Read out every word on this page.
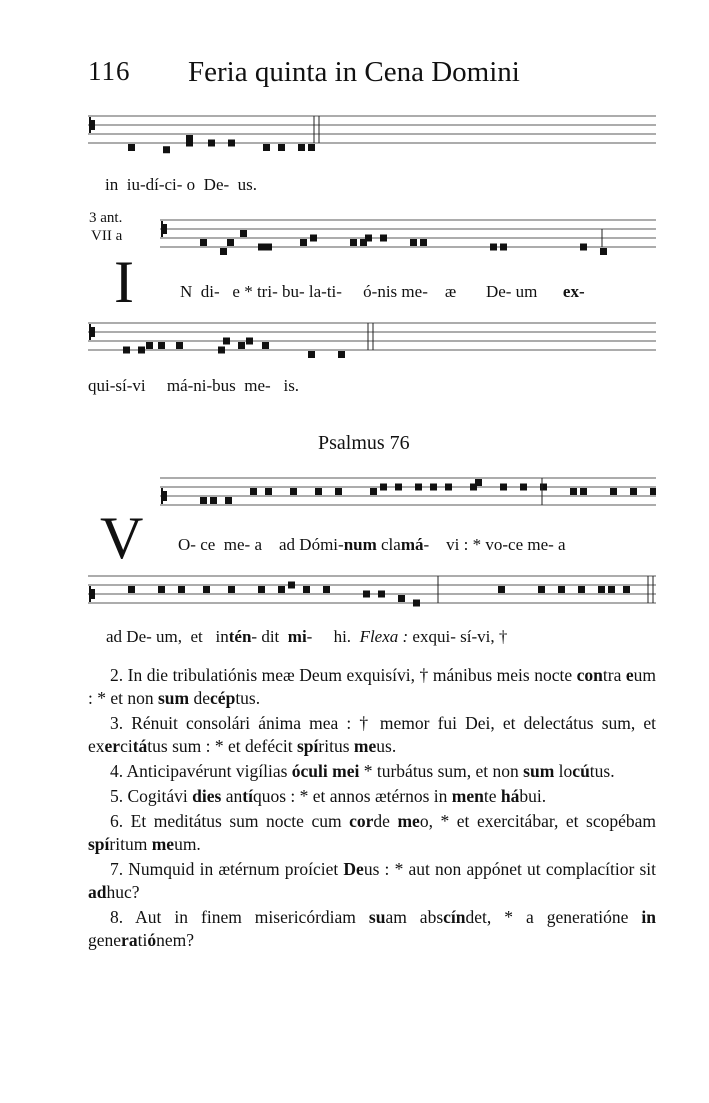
116 Feria quinta in Cena Domini
in  iu-dí-ci- o  De-  us.
3 ant.
VII a
I	N  di-   e * tri- bu- la-ti-     ó-nis me-    æ       De- um      ex-
qui-sí-vi     má-ni-bus  me-   is.
Psalmus 76
V O- ce  me- a    ad Dómi-num clamá-    vi : * vo-ce me- a
ad De- um,  et   intén- dit  mi-     hi.  Flexa : exqui- sí-vi, †

2. In die tribulatiónis meæ Deum exquisívi, † mánibus meis nocte contra eum : * et non sum decéptus.

3. Rénuit consolári ánima mea : † memor fui Dei, et delectátus sum, et exercitátus sum : * et defécit spíritus meus.

4. Anticipavérunt vigílias óculi mei * turbátus sum, et non sum locútus.

5. Cogitávi dies antíquos : * et annos ætérnos in mente hábui.

6. Et meditátus sum nocte cum corde meo, * et exercitábar, et scopébam spíritum meum.

7. Numquid in ætérnum proíciet Deus : * aut non appónet ut complacítior sit adhuc?

8. Aut in finem misericórdiam suam abscíndet, * a generatióne in generatiónem?
